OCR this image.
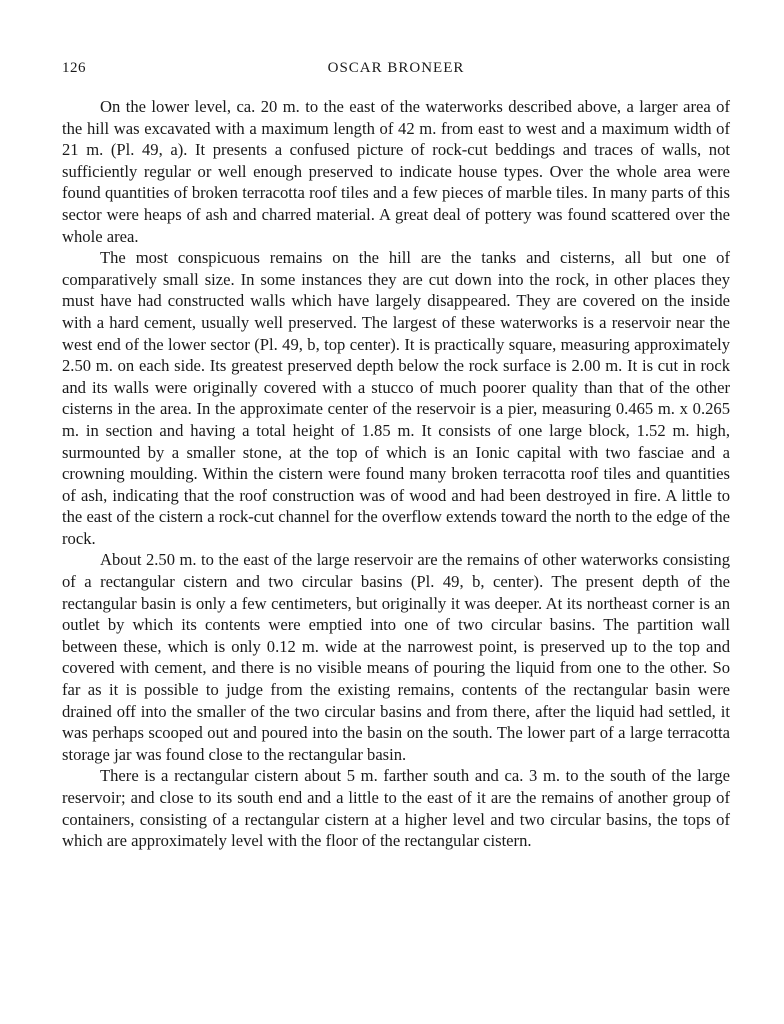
126	OSCAR BRONEER

On the lower level, ca. 20 m. to the east of the waterworks described above, a larger area of the hill was excavated with a maximum length of 42 m. from east to west and a maximum width of 21 m. (Pl. 49, a). It presents a confused picture of rock-cut beddings and traces of walls, not sufficiently regular or well enough preserved to indicate house types. Over the whole area were found quantities of broken terracotta roof tiles and a few pieces of marble tiles. In many parts of this sector were heaps of ash and charred material. A great deal of pottery was found scattered over the whole area.

The most conspicuous remains on the hill are the tanks and cisterns, all but one of comparatively small size. In some instances they are cut down into the rock, in other places they must have had constructed walls which have largely disappeared. They are covered on the inside with a hard cement, usually well preserved. The largest of these waterworks is a reservoir near the west end of the lower sector (Pl. 49, b, top center). It is practically square, measuring approximately 2.50 m. on each side. Its greatest preserved depth below the rock surface is 2.00 m. It is cut in rock and its walls were originally covered with a stucco of much poorer quality than that of the other cisterns in the area. In the approximate center of the reservoir is a pier, measuring 0.465 m. x 0.265 m. in section and having a total height of 1.85 m. It consists of one large block, 1.52 m. high, surmounted by a smaller stone, at the top of which is an Ionic capital with two fasciae and a crowning moulding. Within the cistern were found many broken terracotta roof tiles and quantities of ash, indicating that the roof construction was of wood and had been destroyed in fire. A little to the east of the cistern a rock-cut channel for the overflow extends toward the north to the edge of the rock.

About 2.50 m. to the east of the large reservoir are the remains of other waterworks consisting of a rectangular cistern and two circular basins (Pl. 49, b, center). The present depth of the rectangular basin is only a few centimeters, but originally it was deeper. At its northeast corner is an outlet by which its contents were emptied into one of two circular basins. The partition wall between these, which is only 0.12 m. wide at the narrowest point, is preserved up to the top and covered with cement, and there is no visible means of pouring the liquid from one to the other. So far as it is possible to judge from the existing remains, contents of the rectangular basin were drained off into the smaller of the two circular basins and from there, after the liquid had settled, it was perhaps scooped out and poured into the basin on the south. The lower part of a large terracotta storage jar was found close to the rectangular basin.

There is a rectangular cistern about 5 m. farther south and ca. 3 m. to the south of the large reservoir; and close to its south end and a little to the east of it are the remains of another group of containers, consisting of a rectangular cistern at a higher level and two circular basins, the tops of which are approximately level with the floor of the rectangular cistern.
